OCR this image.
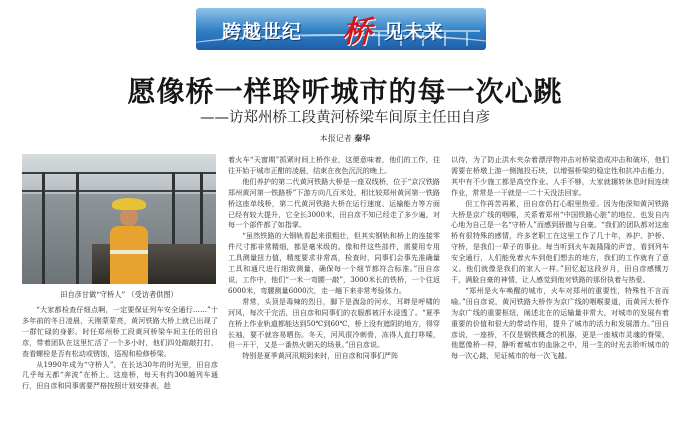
跨越世纪 桥 见未来
愿像桥一样聆听城市的每一次心跳
——访郑州桥工段黄河桥梁车间原主任田自彦
本报记者 秦华
田自彦甘做“守桥人” （受访者供图）

“大家都检查仔细点啊，一定要保证列车安全通行……”十多年前的冬日凌晨，天刚蒙蒙亮，黄河铁路大桥上就已出现了一群忙碌的身影。时任郑州桥工段黄河桥梁车间主任的田自彦，带着团队在这里忙活了一个多小时，他们四处敲敲打打，查看螺栓是否有松动或锈蚀，巡视和检修桥梁。

从1990年成为“守桥人”，在长达30年的时光里，田自彦几乎每天都“奔波”在桥上。这座桥，每天有约300趟列车通行，田自彦和同事需要严格按照计划安排表，趁

着火车“天窗期”抓紧时间上桥作业，这便意味着，他们的工作，往往开始于城市正酣的凌晨，结束在夜色沉沉的晚上。

他们养护的第二代黄河铁路大桥是一座双线桥，位于“京汉铁路郑州黄河第一铁路桥”下游方向几百米处，相比较郑州黄河第一铁路桥这座单线桥，第二代黄河铁路大桥在运行速度、运输能力等方面已经有较大提升，它全长3000米，田自彦不知已经走了多少遍，对每一个部件都了如指掌。

“虽然铁路的大钢轨看起来很粗壮，但其实钢轨和桥上的连接零件尺寸都非常精细，都是毫米级的。像和件这些部件，需要用专用工具测量扭力值，精度要求非常高，检查时，同事们会事先准确量工具和通尺进行细致测量，确保每一个细节都符合标准。”田自彦说，工作中，他们“一米一弯腰一敲”，3000米长的铁桥，一个往返6000米，弯腰测量6000次，走一趟下来非常考验体力。

常常，头顶是毒辣的烈日，脚下是湍急的河水，耳畔是呼啸的河风，每次干完活，田自彦和同事们的衣服都被汗水浸透了。“夏季在桥上作业轨道都能达到50℃到60℃，桥上没有遮阴的地方，得穿长袖，要不就容易晒伤。冬天，河风很冷刺骨，冻得人直打哆嗦，但一开干，又是一番热火朝天的场景。”田自彦说。

特别是夏季黄河汛期到来时，田自彦和同事们严阵

以待，为了防止洪水夹杂着漂浮物冲击对桥梁造成冲击和破坏，他们需要在桥墩上游一侧抛投石块，以增强桥梁的稳定性和抗冲击能力，其中有不少施工都是高空作业。人手不够，大家就辗转休息时间连续作业，常常是一干就是一二十天没法回家。

但工作再苦再累，田自彦仍打心眼里热爱。因为他深知黄河铁路大桥是京广线的咽喉，关系着郑州“中国铁路心脏”的地位，也发自内心地为自己是一名“守桥人”而感到骄傲与自豪。“我们的团队都对这座桥有很特殊的感情，许多老职工在这里工作了几十年，养护、护桥、守桥，是我们一辈子的事业。每当听到火车轰隆隆的声音，看到列车安全通行，人们能免着火车到他们想去的地方，我们的工作就有了意义。他们就像是我们的家人一样。”回忆起这段岁月，田自彦感慨万千，满脸自豪的神情，让人感觉到他对铁路的那份执着与热爱。

“郑州是火车唤醒的城市，火车对郑州的重要性，特殊性不言而喻。”田自彦说，黄河铁路大桥作为京广线的咽喉要道，而黄河大桥作为京广线的重要枢纽，阐述北在的运输量非常大，对城市的发展有着重要的价值和很大的带动作用，提升了城市的活力和发展潜力。”田自彦说，一座桥，不仅是钢铁概念的机器，更是一座城市灵魂的脊梁，他愿像桥一样，静听着城市的血脉之中，用一生的时光去聆听城市的每一次心跳，见证城市的每一次飞越。
